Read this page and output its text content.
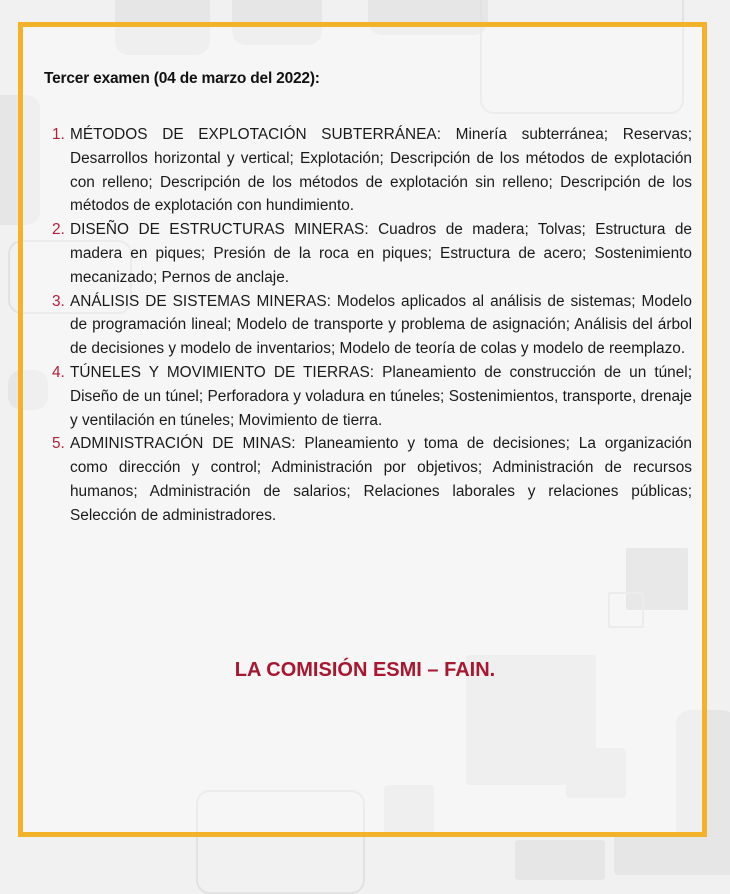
Tercer examen (04 de marzo del 2022):
1. MÉTODOS DE EXPLOTACIÓN SUBTERRÁNEA: Minería subterránea; Reservas; Desarrollos horizontal y vertical; Explotación; Descripción de los métodos de explotación con relleno; Descripción de los métodos de explotación sin relleno; Descripción de los métodos de explotación con hundimiento.
2. DISEÑO DE ESTRUCTURAS MINERAS: Cuadros de madera; Tolvas; Estructura de madera en piques; Presión de la roca en piques; Estructura de acero; Sostenimiento mecanizado; Pernos de anclaje.
3. ANÁLISIS DE SISTEMAS MINERAS: Modelos aplicados al análisis de sistemas; Modelo de programación lineal; Modelo de transporte y problema de asignación; Análisis del árbol de decisiones y modelo de inventarios; Modelo de teoría de colas y modelo de reemplazo.
4. TÚNELES Y MOVIMIENTO DE TIERRAS: Planeamiento de construcción de un túnel; Diseño de un túnel; Perforadora y voladura en túneles; Sostenimientos, transporte, drenaje y ventilación en túneles; Movimiento de tierra.
5. ADMINISTRACIÓN DE MINAS: Planeamiento y toma de decisiones; La organización como dirección y control; Administración por objetivos; Administración de recursos humanos; Administración de salarios; Relaciones laborales y relaciones públicas; Selección de administradores.
LA COMISIÓN ESMI – FAIN.
